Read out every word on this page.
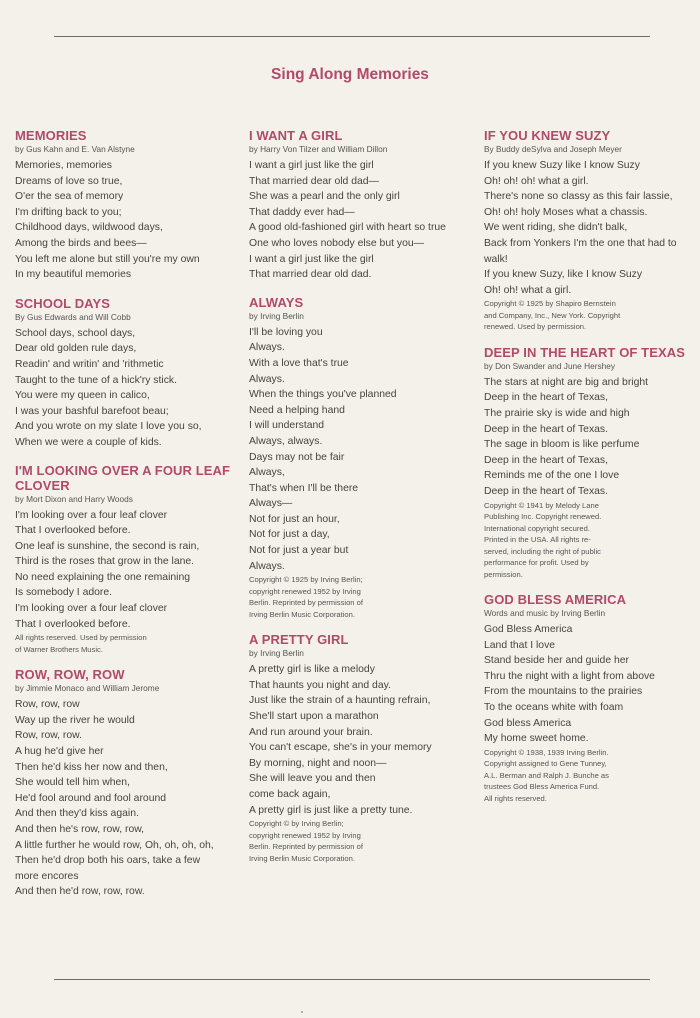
Sing Along Memories
MEMORIES
by Gus Kahn and E. Van Alstyne
Memories, memories
Dreams of love so true,
O'er the sea of memory
I'm drifting back to you;
Childhood days, wildwood days,
Among the birds and bees—
You left me alone but still you're my own
In my beautiful memories
SCHOOL DAYS
By Gus Edwards and Will Cobb
School days, school days,
Dear old golden rule days,
Readin' and writin' and 'rithmetic
Taught to the tune of a hick'ry stick.
You were my queen in calico,
I was your bashful barefoot beau;
And you wrote on my slate I love you so,
When we were a couple of kids.
I'M LOOKING OVER A FOUR LEAF
CLOVER
by Mort Dixon and Harry Woods
I'm looking over a four leaf clover
That I overlooked before.
One leaf is sunshine, the second is rain,
Third is the roses that grow in the lane.
No need explaining the one remaining
Is somebody I adore.
I'm looking over a four leaf clover
That I overlooked before.
All rights reserved. Used by permission
of Warner Brothers Music.
ROW, ROW, ROW
by Jimmie Monaco and William Jerome
Row, row, row
Way up the river he would
Row, row, row.
A hug he'd give her
Then he'd kiss her now and then,
She would tell him when,
He'd fool around and fool around
And then they'd kiss again.
And then he's row, row, row,
A little further he would row, Oh, oh, oh, oh,
Then he'd drop both his oars, take a few
more encores
And then he'd row, row, row.
I WANT A GIRL
by Harry Von Tilzer and William Dillon
I want a girl just like the girl
That married dear old dad—
She was a pearl and the only girl
That daddy ever had—
A good old-fashioned girl with heart so true
One who loves nobody else but you—
I want a girl just like the girl
That married dear old dad.
ALWAYS
by Irving Berlin
I'll be loving you
Always.
With a love that's true
Always.
When the things you've planned
Need a helping hand
I will understand
Always, always.
Days may not be fair
Always,
That's when I'll be there
Always—
Not for just an hour,
Not for just a day,
Not for just a year but
Always.
Copyright © 1925 by Irving Berlin;
copyright renewed 1952 by Irving
Berlin. Reprinted by permission of
Irving Berlin Music Corporation.
A PRETTY GIRL
by Irving Berlin
A pretty girl is like a melody
That haunts you night and day.
Just like the strain of a haunting refrain,
She'll start upon a marathon
And run around your brain.
You can't escape, she's in your memory
By morning, night and noon—
She will leave you and then
come back again,
A pretty girl is just like a pretty tune.
Copyright © by Irving Berlin;
copyright renewed 1952 by Irving
Berlin. Reprinted by permission of
Irving Berlin Music Corporation.
IF YOU KNEW SUZY
By Buddy deSylva and Joseph Meyer
If you knew Suzy like I know Suzy
Oh! oh! oh! what a girl.
There's none so classy as this fair lassie,
Oh! oh! holy Moses what a chassis.
We went riding, she didn't balk,
Back from Yonkers I'm the one that had to
walk!
If you knew Suzy, like I know Suzy
Oh! oh! what a girl.
Copyright © 1925 by Shapiro Bernstein
and Company, Inc., New York. Copyright
renewed. Used by permission.
DEEP IN THE HEART OF TEXAS
by Don Swander and June Hershey
The stars at night are big and bright
Deep in the heart of Texas,
The prairie sky is wide and high
Deep in the heart of Texas.
The sage in bloom is like perfume
Deep in the heart of Texas,
Reminds me of the one I love
Deep in the heart of Texas.
Copyright © 1941 by Melody Lane
Publishing Inc. Copyright renewed.
International copyright secured.
Printed in the USA. All rights re-
served, including the right of public
performance for profit. Used by
permission.
GOD BLESS AMERICA
Words and music by Irving Berlin
God Bless America
Land that I love
Stand beside her and guide her
Thru the night with a light from above
From the mountains to the prairies
To the oceans white with foam
God bless America
My home sweet home.
Copyright © 1938, 1939 Irving Berlin.
Copyright assigned to Gene Tunney,
A.L. Berman and Ralph J. Bunche as
trustees God Bless America Fund.
All rights reserved.
